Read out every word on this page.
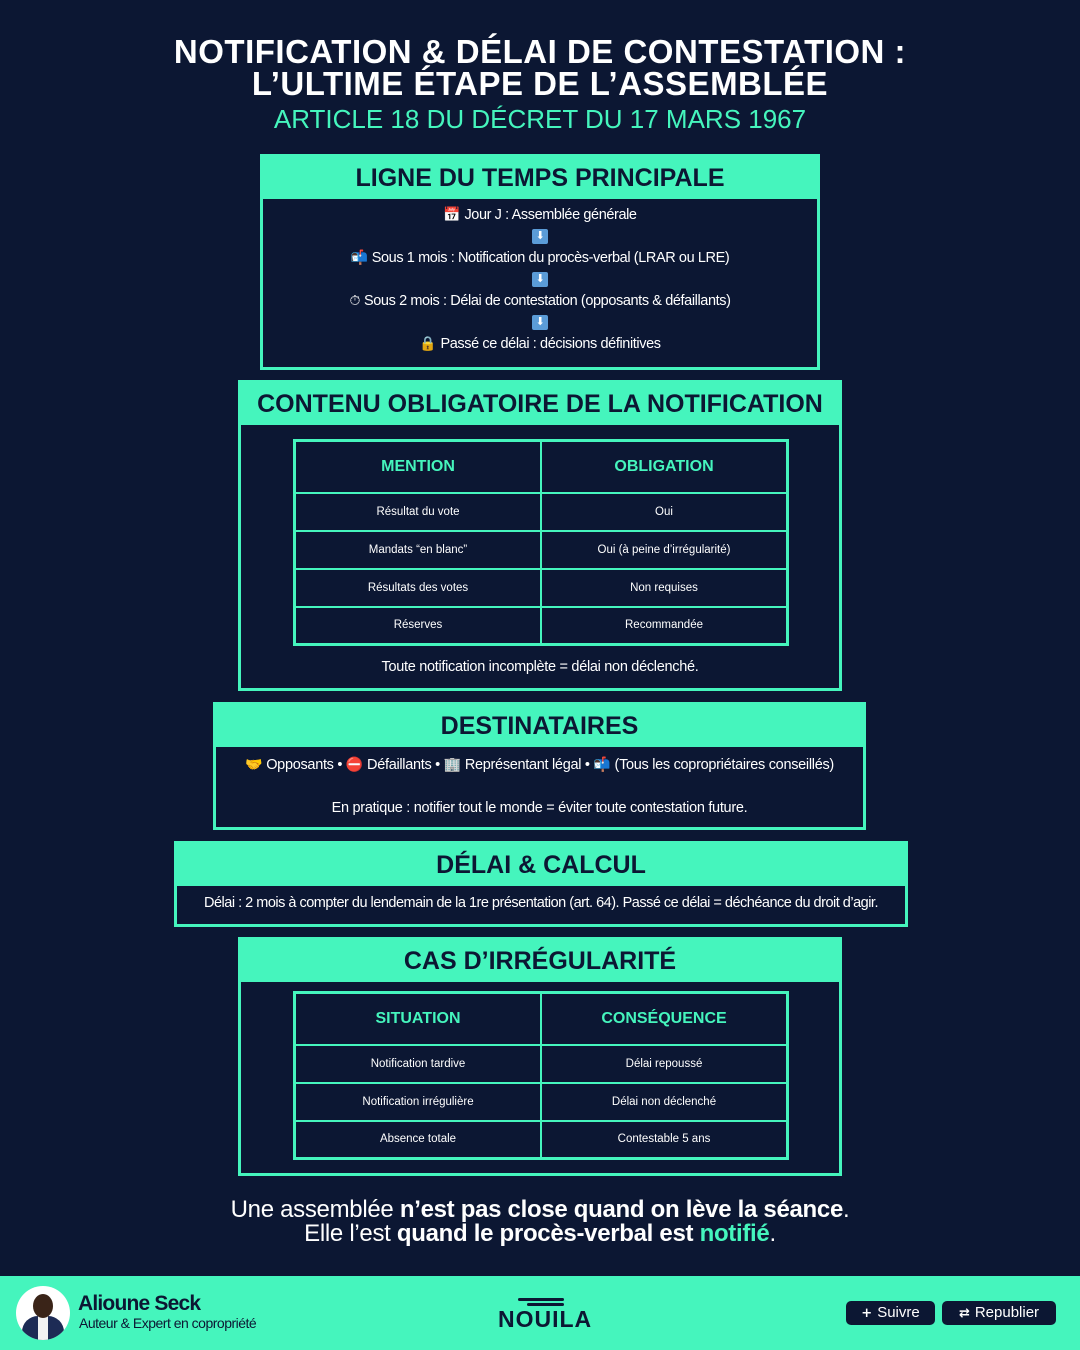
NOTIFICATION & DÉLAI DE CONTESTATION :
L’ULTIME ÉTAPE DE L’ASSEMBLÉE
ARTICLE 18 DU DÉCRET DU 17 MARS 1967
LIGNE DU TEMPS PRINCIPALE
📅 Jour J : Assemblée générale
⬇
📬 Sous 1 mois : Notification du procès-verbal (LRAR ou LRE)
⬇
⏱ Sous 2 mois : Délai de contestation (opposants & défaillants)
⬇
🔒 Passé ce délai : décisions définitives
CONTENU OBLIGATOIRE DE LA NOTIFICATION
MENTION	OBLIGATION
Résultat du vote	Oui
Mandats “en blanc”	Oui (à peine d’irrégularité)
Résultats des votes	Non requises
Réserves	Recommandée
Toute notification incomplète = délai non déclenché.
DESTINATAIRES
🤝 Opposants • ⛔ Défaillants • 🏢 Représentant légal • 📬 (Tous les copropriétaires conseillés)
En pratique : notifier tout le monde = éviter toute contestation future.
DÉLAI & CALCUL
Délai : 2 mois à compter du lendemain de la 1re présentation (art. 64). Passé ce délai = déchéance du droit d’agir.
CAS D’IRRÉGULARITÉ
SITUATION	CONSÉQUENCE
Notification tardive	Délai repoussé
Notification irrégulière	Délai non déclenché
Absence totale	Contestable 5 ans
Une assemblée n’est pas close quand on lève la séance.
Elle l’est quand le procès-verbal est notifié.
Alioune Seck
Auteur & Expert en copropriété	NOUILA	+ Suivre	⇄ Republier
